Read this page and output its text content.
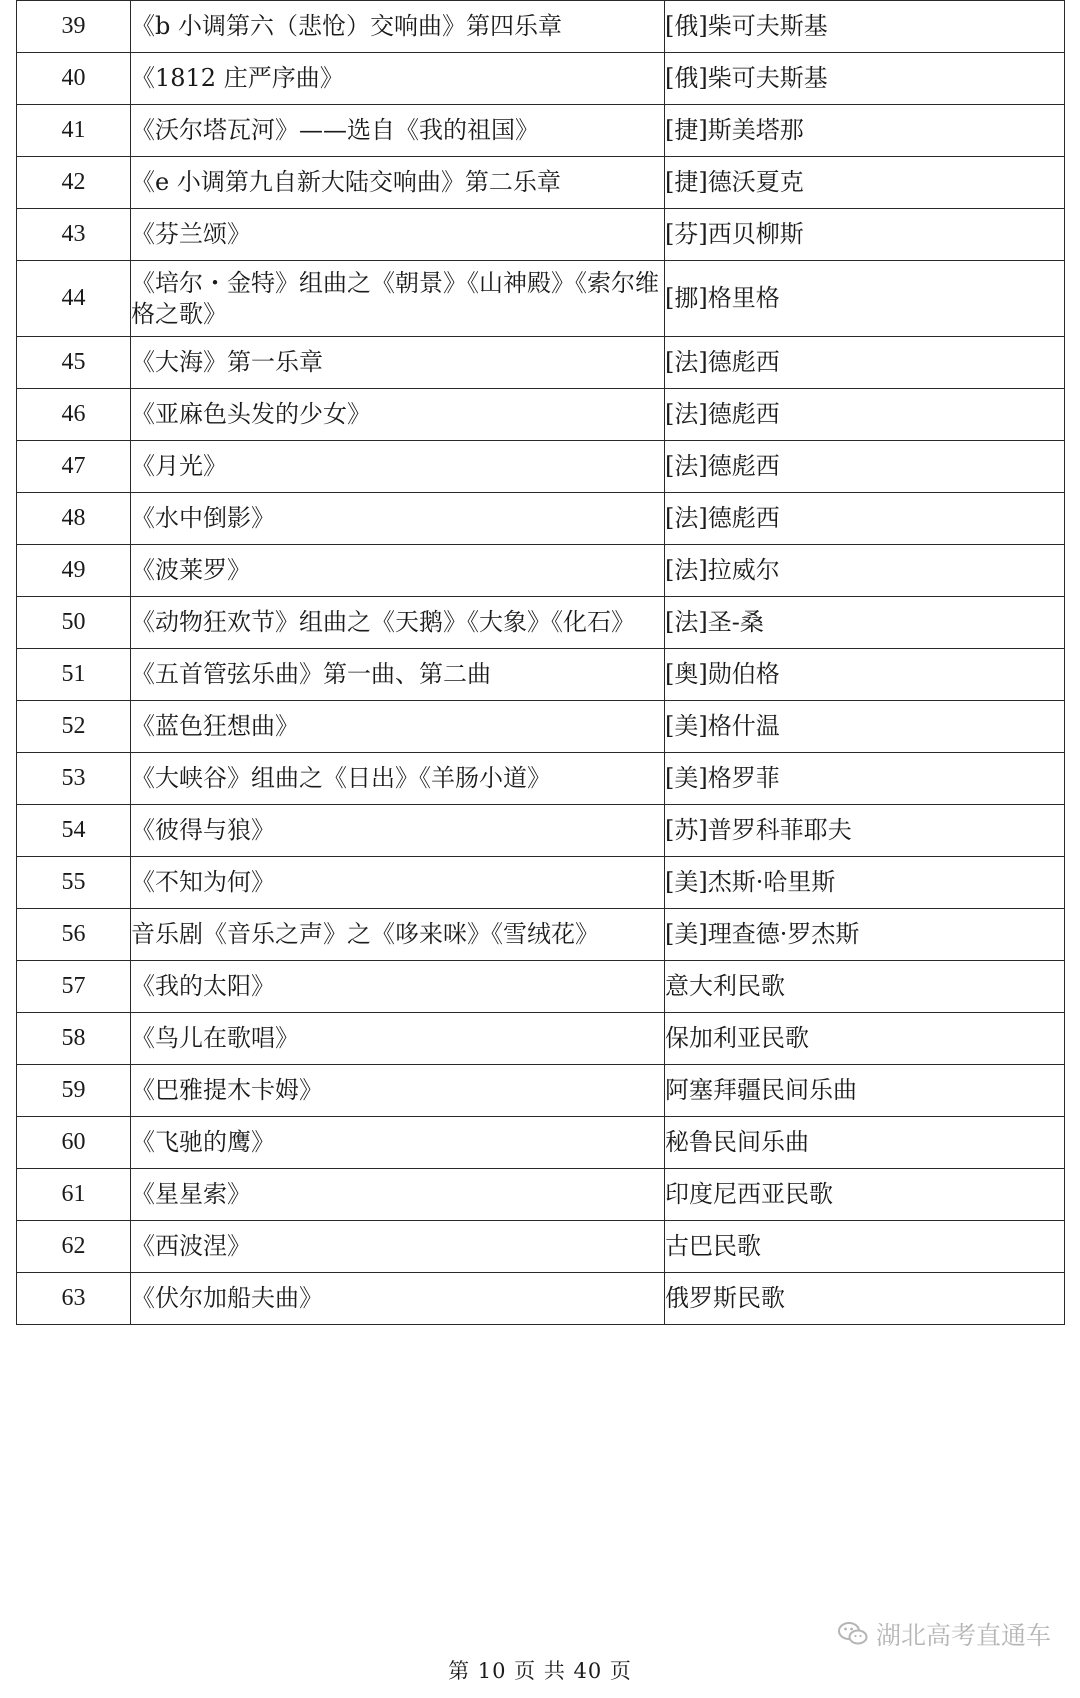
39	《b 小调第六（悲怆）交响曲》第四乐章	[俄]柴可夫斯基
40	《1812 庄严序曲》	[俄]柴可夫斯基
41	《沃尔塔瓦河》——选自《我的祖国》	[捷]斯美塔那
42	《e 小调第九自新大陆交响曲》第二乐章	[捷]德沃夏克
43	《芬兰颂》	[芬]西贝柳斯
44	《培尔・金特》组曲之《朝景》《山神殿》《索尔维格之歌》	[挪]格里格
45	《大海》第一乐章	[法]德彪西
46	《亚麻色头发的少女》	[法]德彪西
47	《月光》	[法]德彪西
48	《水中倒影》	[法]德彪西
49	《波莱罗》	[法]拉威尔
50	《动物狂欢节》组曲之《天鹅》《大象》《化石》	[法]圣-桑
51	《五首管弦乐曲》第一曲、第二曲	[奥]勋伯格
52	《蓝色狂想曲》	[美]格什温
53	《大峡谷》组曲之《日出》《羊肠小道》	[美]格罗菲
54	《彼得与狼》	[苏]普罗科菲耶夫
55	《不知为何》	[美]杰斯·哈里斯
56	音乐剧《音乐之声》之《哆来咪》《雪绒花》	[美]理查德·罗杰斯
57	《我的太阳》	意大利民歌
58	《鸟儿在歌唱》	保加利亚民歌
59	《巴雅提木卡姆》	阿塞拜疆民间乐曲
60	《飞驰的鹰》	秘鲁民间乐曲
61	《星星索》	印度尼西亚民歌
62	《西波涅》	古巴民歌
63	《伏尔加船夫曲》	俄罗斯民歌
湖北高考直通车
第 10 页 共 40 页
